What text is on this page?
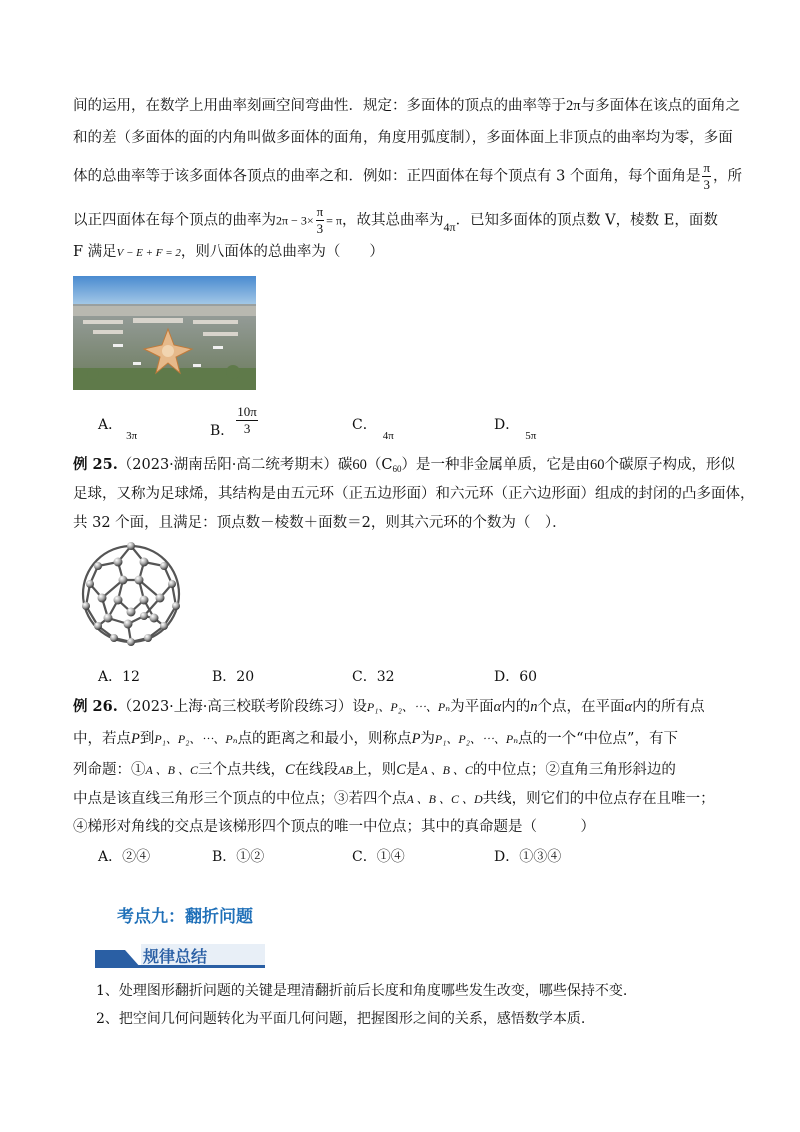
间的运用，在数学上用曲率刻画空间弯曲性．规定：多面体的顶点的曲率等于2π与多面体在该点的面角之
和的差（多面体的面的内角叫做多面体的面角，角度用弧度制），多面体面上非顶点的曲率均为零，多面
体的总曲率等于该多面体各顶点的曲率之和．例如：正四面体在每个顶点有 3 个面角，每个面角是 $\frac{\pi}{3}$ ，所
以正四面体在每个顶点的曲率为$2\pi - 3\times \frac{\pi}{3} = \pi$，故其总曲率为$_{4\pi}$．已知多面体的顶点数 V，棱数 E，面数
F 满足V − E + F = 2，则八面体的总曲率为（　　）
A．$_{3\pi}$	B． $\frac{10\pi}{3}$	C．$_{4\pi}$
D．$_{5\pi}$
例 25.（2023·湖南岳阳·高二统考期末）碳$60(C_{60})$是一种非金属单质，它是由60个碳原子构成，形似
足球，又称为足球烯，其结构是由五元环（正五边形面）和六元环（正六边形面）组成的封闭的凸多面体，
共 32 个面，且满足：顶点数－棱数＋面数＝2，则其六元环的个数为（　）．
A．12	B．20	C．32	D．60
例 26.（2023·上海·高三校联考阶段练习）设P₁、P₂、⋯、Pₙ为平面α内的n个点，在平面α内的所有点
中，若点P到P₁、P₂、⋯、Pₙ点的距离之和最小，则称点P为P₁、P₂、⋯、Pₙ点的一个“中位点”，有下
列命题：①A 、B 、C三个点共线，C在线段AB上，则C是A 、B 、C的中位点；②直角三角形斜边的
中点是该直线三角形三个顶点的中位点；③若四个点A 、B 、C 、D共线，则它们的中位点存在且唯一；
④梯形对角线的交点是该梯形四个顶点的唯一中位点；其中的真命题是（　　　）
A．②④	B．①②	C．①④	D．①③④
考点九：翻折问题
规律总结
1、处理图形翻折问题的关键是理清翻折前后长度和角度哪些发生改变，哪些保持不变.
2、把空间几何问题转化为平面几何问题，把握图形之间的关系，感悟数学本质.
